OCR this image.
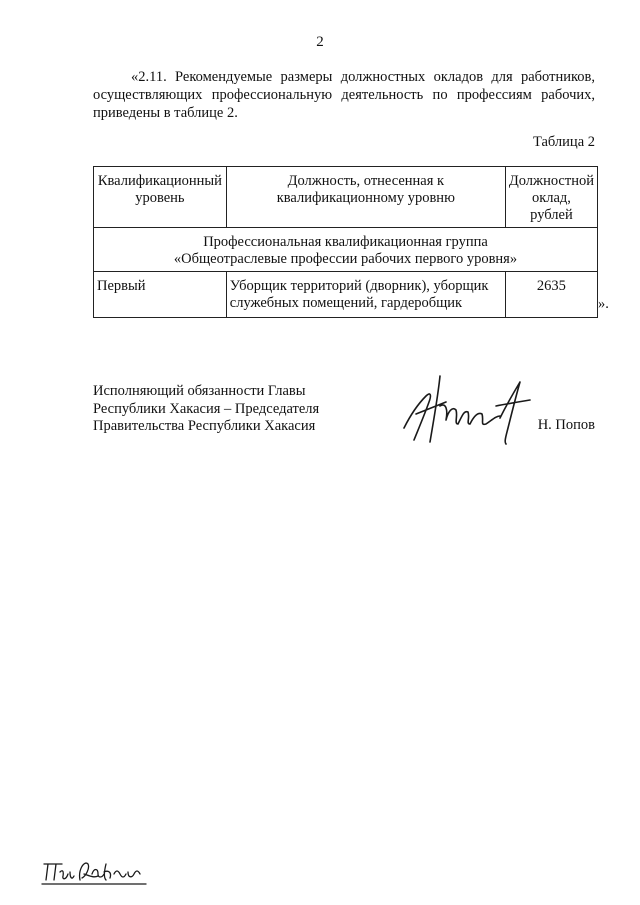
2

«2.11. Рекомендуемые размеры должностных окладов для работников, осуществляющих профессиональную деятельность по профессиям рабочих, приведены в таблице 2.

Таблица 2
Квалификационный уровень	Должность, отнесенная к квалификационному уровню	Должностной оклад, рублей

Профессиональная квалификационная группа
«Общеотраслевые профессии рабочих первого уровня»		

Первый	Уборщик территорий (дворник), уборщик служебных помещений, гардеробщик	2635
».
Исполняющий обязанности Главы
Республики Хакасия – Председателя
Правительства Республики Хакасия	Н. Попов
